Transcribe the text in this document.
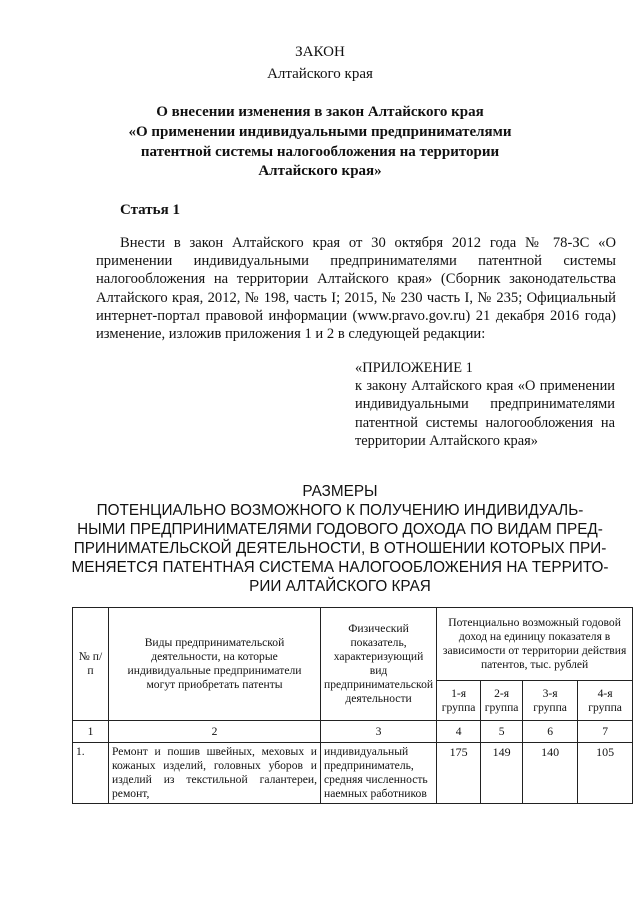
ЗАКОН
Алтайского края
О внесении изменения в закон Алтайского края
«О применении индивидуальными предпринимателями
патентной системы налогообложения на территории
Алтайского края»
Статья 1
Внести в закон Алтайского края от 30 октября 2012 года № 78-ЗС «О применении индивидуальными предпринимателями патентной системы налогообложения на территории Алтайского края» (Сборник законодательства Алтайского края, 2012, № 198, часть I; 2015, № 230 часть I, № 235; Официальный интернет-портал правовой информации (www.pravo.gov.ru) 21 декабря 2016 года) изменение, изложив приложения 1 и 2 в следующей редакции:
«ПРИЛОЖЕНИЕ 1
к закону Алтайского края «О применении индивидуальными предпринимателями патентной системы налогообложения на территории Алтайского края»
РАЗМЕРЫ
ПОТЕНЦИАЛЬНО ВОЗМОЖНОГО К ПОЛУЧЕНИЮ ИНДИВИДУАЛЬ-
НЫМИ ПРЕДПРИНИМАТЕЛЯМИ ГОДОВОГО ДОХОДА ПО ВИДАМ ПРЕД-
ПРИНИМАТЕЛЬСКОЙ ДЕЯТЕЛЬНОСТИ, В ОТНОШЕНИИ КОТОРЫХ ПРИ-
МЕНЯЕТСЯ ПАТЕНТНАЯ СИСТЕМА НАЛОГООБЛОЖЕНИЯ НА ТЕРРИТО-
РИИ АЛТАЙСКОГО КРАЯ
№ п/п	Виды предпринимательской деятельности, на которые индивидуальные предприниматели могут приобретать патенты	Физический показатель, характеризующий вид предпринимательской деятельности	Потенциально возможный годовой доход на единицу показателя в зависимости от территории действия патентов, тыс. рублей			
			1-я группа	2-я группа	3-я группа	4-я группа
1	2	3	4	5	6	7
1.	Ремонт и пошив швейных, меховых и кожаных изделий, головных уборов и изделий из текстильной галантереи, ремонт,	индивидуальный предприниматель, средняя численность наемных работников	175	149	140	105
